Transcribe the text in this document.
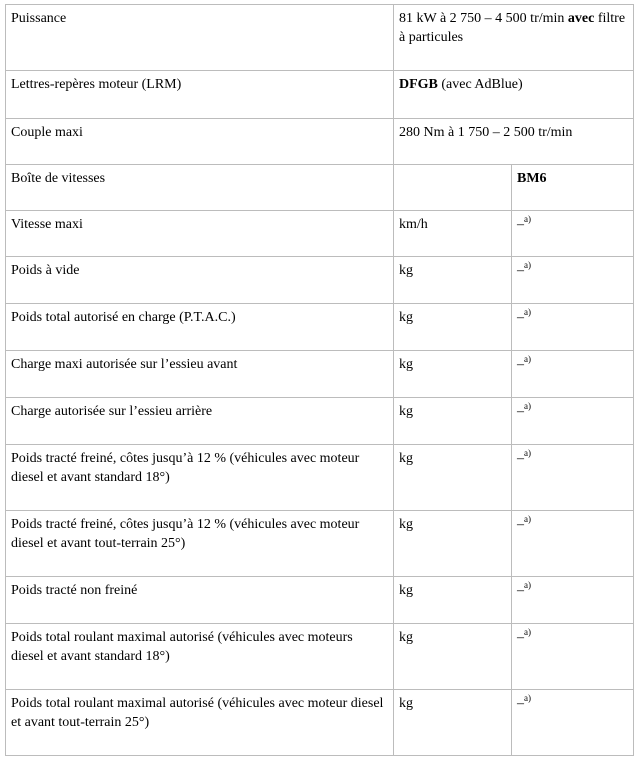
Puissance	81 kW à 2 750 – 4 500 tr/min avec filtre à particules	
Lettres-repères moteur (LRM)	DFGB (avec AdBlue)	
Couple maxi	280 Nm à 1 750 – 2 500 tr/min	
Boîte de vitesses		BM6
Vitesse maxi	km/h	–$^{a)}$
Poids à vide	kg	–$^{a)}$
Poids total autorisé en charge (P.T.A.C.)	kg	–$^{a)}$
Charge maxi autorisée sur l’essieu avant	kg	–$^{a)}$
Charge autorisée sur l’essieu arrière	kg	–$^{a)}$
Poids tracté freiné, côtes jusqu’à 12 % (véhicules avec moteur diesel et avant standard 18°)	kg	–$^{a)}$
Poids tracté freiné, côtes jusqu’à 12 % (véhicules avec moteur diesel et avant tout-terrain 25°)	kg	–$^{a)}$
Poids tracté non freiné	kg	–$^{a)}$
Poids total roulant maximal autorisé (véhicules avec moteurs diesel et avant standard 18°)	kg	–$^{a)}$
Poids total roulant maximal autorisé (véhicules avec moteur diesel et avant tout-terrain 25°)	kg	–$^{a)}$
